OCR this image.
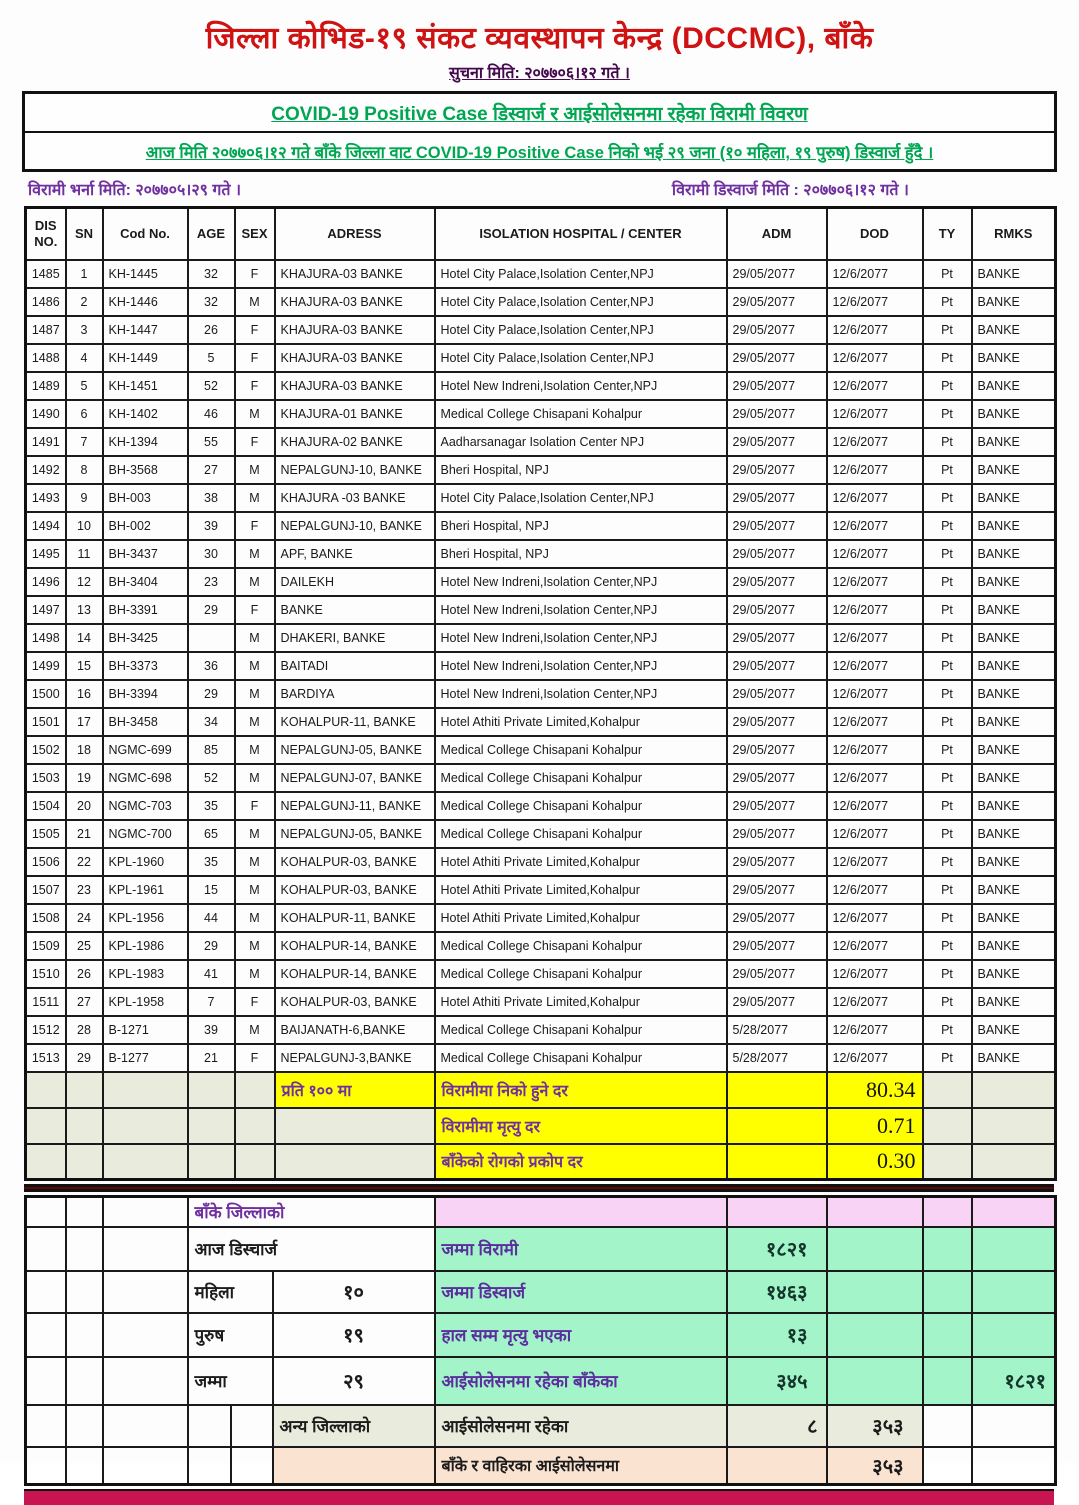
जिल्ला कोभिड-१९ संकट व्यवस्थापन केन्द्र (DCCMC), बाँके
सुचना मिति: २०७७०६।१२ गते ।
COVID-19 Positive Case डिस्वार्ज र आईसोलेसनमा रहेका विरामी विवरण
आज मिति २०७७०६।१२ गते बाँके जिल्ला वाट COVID-19 Positive Case निको भई २९ जना (१० महिला, १९ पुरुष) डिस्वार्ज हुँदै ।
विरामी भर्ना मिति: २०७७०५।२९ गते ।	विरामी डिस्वार्ज मिति : २०७७०६।१२ गते ।
DIS NO.	SN	Cod No.	AGE	SEX	ADRESS	ISOLATION HOSPITAL / CENTER	ADM	DOD	TY	RMKS
1485	1	KH-1445	32	F	KHAJURA-03 BANKE	Hotel City Palace,Isolation Center,NPJ	29/05/2077	12/6/2077	Pt	BANKE
1486	2	KH-1446	32	M	KHAJURA-03 BANKE	Hotel City Palace,Isolation Center,NPJ	29/05/2077	12/6/2077	Pt	BANKE
1487	3	KH-1447	26	F	KHAJURA-03 BANKE	Hotel City Palace,Isolation Center,NPJ	29/05/2077	12/6/2077	Pt	BANKE
1488	4	KH-1449	5	F	KHAJURA-03 BANKE	Hotel City Palace,Isolation Center,NPJ	29/05/2077	12/6/2077	Pt	BANKE
1489	5	KH-1451	52	F	KHAJURA-03 BANKE	Hotel New Indreni,Isolation Center,NPJ	29/05/2077	12/6/2077	Pt	BANKE
1490	6	KH-1402	46	M	KHAJURA-01 BANKE	Medical College Chisapani Kohalpur	29/05/2077	12/6/2077	Pt	BANKE
1491	7	KH-1394	55	F	KHAJURA-02 BANKE	Aadharsanagar Isolation Center NPJ	29/05/2077	12/6/2077	Pt	BANKE
1492	8	BH-3568	27	M	NEPALGUNJ-10, BANKE	Bheri Hospital, NPJ	29/05/2077	12/6/2077	Pt	BANKE
1493	9	BH-003	38	M	KHAJURA -03 BANKE	Hotel City Palace,Isolation Center,NPJ	29/05/2077	12/6/2077	Pt	BANKE
1494	10	BH-002	39	F	NEPALGUNJ-10, BANKE	Bheri Hospital, NPJ	29/05/2077	12/6/2077	Pt	BANKE
1495	11	BH-3437	30	M	APF, BANKE	Bheri Hospital, NPJ	29/05/2077	12/6/2077	Pt	BANKE
1496	12	BH-3404	23	M	DAILEKH	Hotel New Indreni,Isolation Center,NPJ	29/05/2077	12/6/2077	Pt	BANKE
1497	13	BH-3391	29	F	BANKE	Hotel New Indreni,Isolation Center,NPJ	29/05/2077	12/6/2077	Pt	BANKE
1498	14	BH-3425		M	DHAKERI, BANKE	Hotel New Indreni,Isolation Center,NPJ	29/05/2077	12/6/2077	Pt	BANKE
1499	15	BH-3373	36	M	BAITADI	Hotel New Indreni,Isolation Center,NPJ	29/05/2077	12/6/2077	Pt	BANKE
1500	16	BH-3394	29	M	BARDIYA	Hotel New Indreni,Isolation Center,NPJ	29/05/2077	12/6/2077	Pt	BANKE
1501	17	BH-3458	34	M	KOHALPUR-11, BANKE	Hotel Athiti Private Limited,Kohalpur	29/05/2077	12/6/2077	Pt	BANKE
1502	18	NGMC-699	85	M	NEPALGUNJ-05, BANKE	Medical College Chisapani Kohalpur	29/05/2077	12/6/2077	Pt	BANKE
1503	19	NGMC-698	52	M	NEPALGUNJ-07, BANKE	Medical College Chisapani Kohalpur	29/05/2077	12/6/2077	Pt	BANKE
1504	20	NGMC-703	35	F	NEPALGUNJ-11, BANKE	Medical College Chisapani Kohalpur	29/05/2077	12/6/2077	Pt	BANKE
1505	21	NGMC-700	65	M	NEPALGUNJ-05, BANKE	Medical College Chisapani Kohalpur	29/05/2077	12/6/2077	Pt	BANKE
1506	22	KPL-1960	35	M	KOHALPUR-03, BANKE	Hotel Athiti Private Limited,Kohalpur	29/05/2077	12/6/2077	Pt	BANKE
1507	23	KPL-1961	15	M	KOHALPUR-03, BANKE	Hotel Athiti Private Limited,Kohalpur	29/05/2077	12/6/2077	Pt	BANKE
1508	24	KPL-1956	44	M	KOHALPUR-11, BANKE	Hotel Athiti Private Limited,Kohalpur	29/05/2077	12/6/2077	Pt	BANKE
1509	25	KPL-1986	29	M	KOHALPUR-14, BANKE	Medical College Chisapani Kohalpur	29/05/2077	12/6/2077	Pt	BANKE
1510	26	KPL-1983	41	M	KOHALPUR-14, BANKE	Medical College Chisapani Kohalpur	29/05/2077	12/6/2077	Pt	BANKE
1511	27	KPL-1958	7	F	KOHALPUR-03, BANKE	Hotel Athiti Private Limited,Kohalpur	29/05/2077	12/6/2077	Pt	BANKE
1512	28	B-1271	39	M	BAIJANATH-6,BANKE	Medical College Chisapani Kohalpur	5/28/2077	12/6/2077	Pt	BANKE
1513	29	B-1277	21	F	NEPALGUNJ-3,BANKE	Medical College Chisapani Kohalpur	5/28/2077	12/6/2077	Pt	BANKE
					प्रति १०० मा	विरामीमा निको हुने दर		80.34		
						विरामीमा मृत्यु दर		0.71		
						बाँकेको रोगको प्रकोप दर		0.30		
			बाँके जिल्लाको							
			आज डिस्चार्ज			जम्मा विरामी	१८२१			
			महिला		१०	जम्मा डिस्वार्ज	१४६३			
			पुरुष		१९	हाल सम्म मृत्यु भएका	१३			
			जम्मा		२९	आईसोलेसनमा रहेका बाँकेका	३४५			१८२१
					अन्य जिल्लाको	आईसोलेसनमा रहेका	८	३५३		
						बाँके र वाहिरका आईसोलेसनमा		३५३		
